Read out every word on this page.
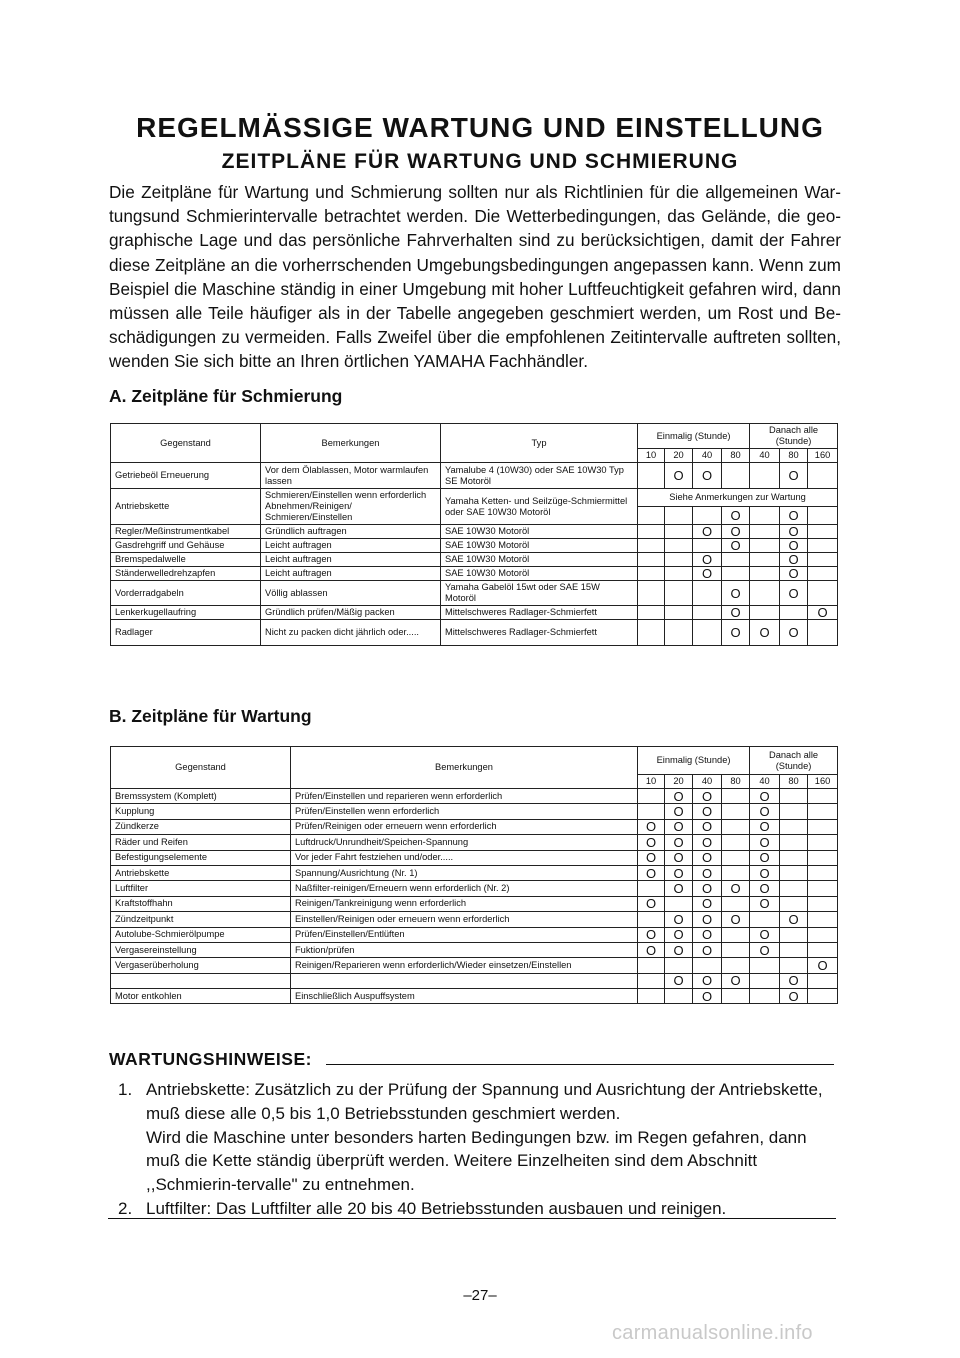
REGELMÄSSIGE WARTUNG UND EINSTELLUNG
ZEITPLÄNE FÜR WARTUNG UND SCHMIERUNG

Die Zeitpläne für Wartung und Schmierung sollten nur als Richtlinien für die allgemeinen War-tungsund Schmierintervalle betrachtet werden. Die Wetterbedingungen, das Gelände, die geo-graphische Lage und das persönliche Fahrverhalten sind zu berücksichtigen, damit der Fahrer diese Zeitpläne an die vorherrschenden Umgebungsbedingungen angepassen kann. Wenn zum Beispiel die Maschine ständig in einer Umgebung mit hoher Luftfeuchtigkeit gefahren wird, dann müssen alle Teile häufiger als in der Tabelle angegeben geschmiert werden, um Rost und Be-schädigungen zu vermeiden. Falls Zweifel über die empfohlenen Zeitintervalle auftreten sollten, wenden Sie sich bitte an Ihren örtlichen YAMAHA Fachhändler.

A. Zeitpläne für Schmierung
Gegenstand	Bemerkungen	Typ	Einmalig (Stunde)				Danach alle (Stunde)		
			10	20	40	80	40	80	160
Getriebeöl Erneuerung	Vor dem Ölablassen, Motor warmlaufen lassen	Yamalube 4 (10W30) oder SAE 10W30 Typ SE Motoröl		O	O			O	
Antriebskette	Schmieren/Einstellen wenn erforderlich Abnehmen/Reinigen/ Schmieren/Einstellen	Yamaha Ketten- und Seilzüge-Schmiermittel oder SAE 10W30 Motoröl	Siehe Anmerkungen zur Wartung						
						O		O	
Regler/Meßinstrumentkabel	Gründlich auftragen	SAE 10W30 Motoröl			O	O		O	
Gasdrehgriff und Gehäuse	Leicht auftragen	SAE 10W30 Motoröl				O		O	
Bremspedalwelle	Leicht auftragen	SAE 10W30 Motoröl			O			O	
Ständerwelledrehzapfen	Leicht auftragen	SAE 10W30 Motoröl			O			O	
Vorderradgabeln	Völlig ablassen	Yamaha Gabelöl 15wt oder SAE 15W Motoröl				O		O	
Lenkerkugellaufring	Gründlich prüfen/Mäßig packen	Mittelschweres Radlager-Schmierfett				O			O
Radlager	Nicht zu packen dicht jährlich oder.....	Mittelschweres Radlager-Schmierfett				O	O	O	
B. Zeitpläne für Wartung
Gegenstand	Bemerkungen	Einmalig (Stunde)				Danach alle (Stunde)		
		10	20	40	80	40	80	160
Bremssystem (Komplett)	Prüfen/Einstellen und reparieren wenn erforderlich		O	O		O		
Kupplung	Prüfen/Einstellen wenn erforderlich		O	O		O		
Zündkerze	Prüfen/Reinigen oder erneuern wenn erforderlich	O	O	O		O		
Räder und Reifen	Luftdruck/Unrundheit/Speichen-Spannung	O	O	O		O		
Befestigungselemente	Vor jeder Fahrt festziehen und/oder.....	O	O	O		O		
Antriebskette	Spannung/Ausrichtung (Nr. 1)	O	O	O		O		
Luftfilter	Naßfilter-reinigen/Erneuern wenn erforderlich (Nr. 2)		O	O	O	O		
Kraftstoffhahn	Reinigen/Tankreinigung wenn erforderlich	O		O		O		
Zündzeitpunkt	Einstellen/Reinigen oder erneuern wenn erforderlich		O	O	O		O	
Autolube-Schmierölpumpe	Prüfen/Einstellen/Entlüften	O	O	O		O		
Vergasereinstellung	Fuktion/prüfen	O	O	O		O		
Vergaserüberholung	Reinigen/Reparieren wenn erforderlich/Wieder einsetzen/Einstellen							O
			O	O	O		O	
Motor entkohlen	Einschließlich Auspuffsystem			O			O	
WARTUNGSHINWEISE:
1. Antriebskette: Zusätzlich zu der Prüfung der Spannung und Ausrichtung der Antriebskette, muß diese alle 0,5 bis 1,0 Betriebsstunden geschmiert werden.
Wird die Maschine unter besonders harten Bedingungen bzw. im Regen gefahren, dann muß die Kette ständig überprüft werden. Weitere Einzelheiten sind dem Abschnitt ,,Schmierin-tervalle" zu entnehmen.
2. Luftfilter: Das Luftfilter alle 20 bis 40 Betriebsstunden ausbauen und reinigen.

–27–

carmanualsonline.info
